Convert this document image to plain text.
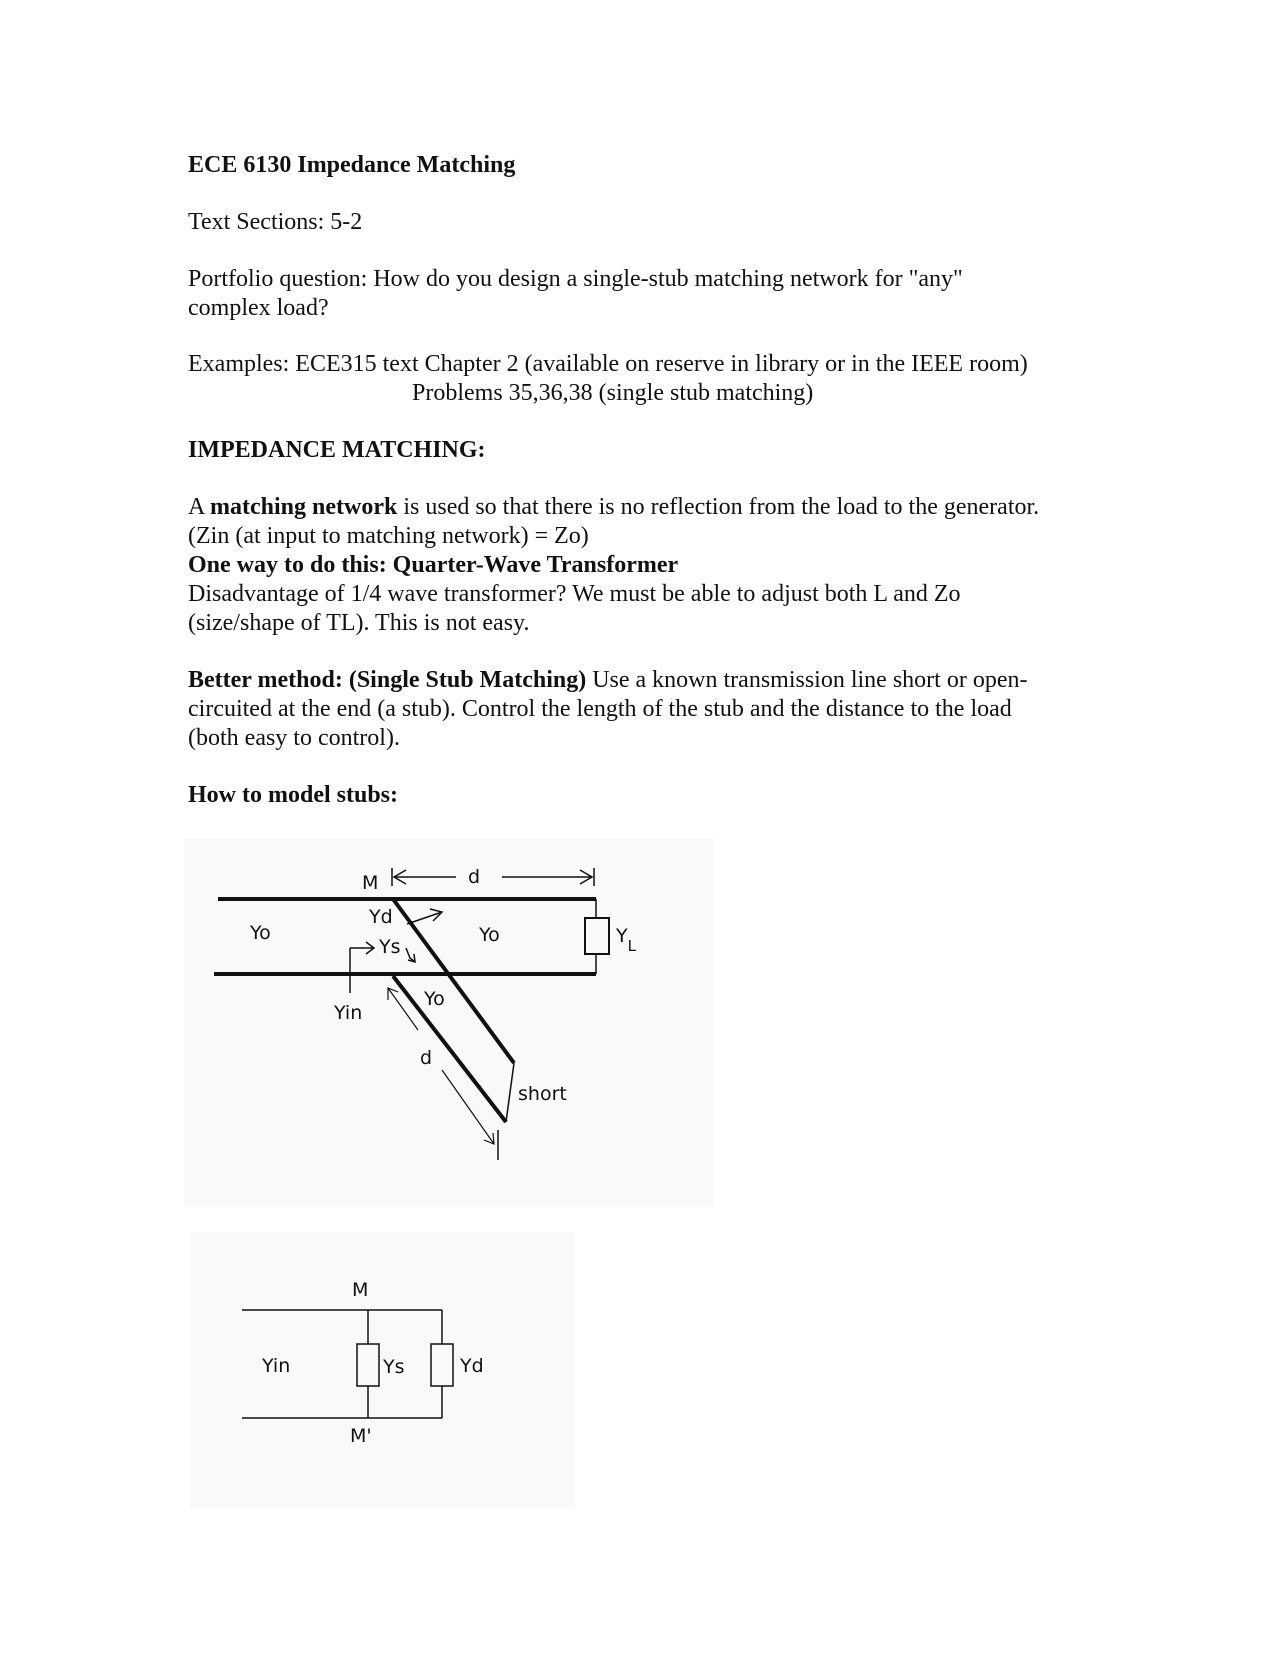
ECE 6130 Impedance Matching
Text Sections: 5-2
Portfolio question: How do you design a single-stub matching network for "any"
complex load?
Examples: ECE315 text Chapter 2 (available on reserve in library or in the IEEE room)
Problems 35,36,38 (single stub matching)
IMPEDANCE MATCHING:
A matching network is used so that there is no reflection from the load to the generator.
(Zin (at input to matching network) = Zo)
One way to do this: Quarter-Wave Transformer
Disadvantage of 1/4 wave transformer? We must be able to adjust both L and Zo
(size/shape of TL). This is not easy.
Better method: (Single Stub Matching) Use a known transmission line short or open-
circuited at the end (a stub). Control the length of the stub and the distance to the load
(both easy to control).
How to model stubs:
M	d
Yd
Ys
Yo	Yo	$Y_L$
Yin
Yo
d
short
M
Yin	Ys	Yd
M'
